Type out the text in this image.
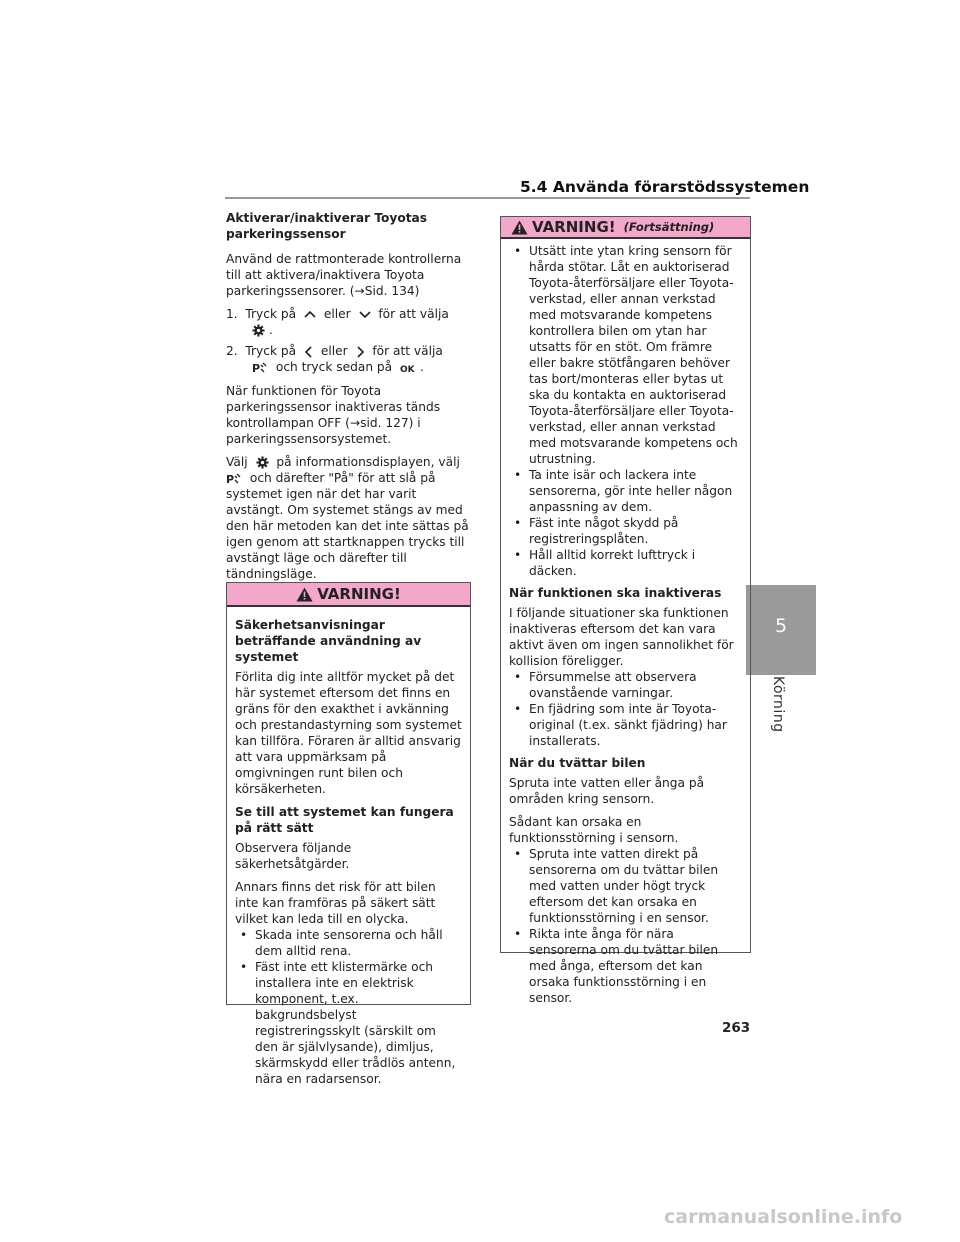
5.4 Använda förarstödssystemen
5
Körning
Aktiverar/inaktiverar Toyotas parkeringssensor

Använd de rattmonterade kontrollerna till att aktivera/inaktivera Toyota parkeringssensorer. (→Sid. 134)

1. Tryck på eller för att välja
.
2. Tryck på eller för att välja
P och tryck sedan på OK .

När funktionen för Toyota parkeringssensor inaktiveras tänds kontrollampan OFF (→sid. 127) i parkeringssensorsystemet.

Välj på informationsdisplayen, välj
P och därefter "På" för att slå på systemet igen när det har varit avstängt. Om systemet stängs av med den här metoden kan det inte sättas på igen genom att startknappen trycks till avstängt läge och därefter till tändningsläge.

VARNING!
Säkerhetsanvisningar beträffande användning av systemet

Förlita dig inte alltför mycket på det här systemet eftersom det finns en gräns för den exakthet i avkänning och prestandastyrning som systemet kan tillföra. Föraren är alltid ansvarig att vara uppmärksam på omgivningen runt bilen och körsäkerheten.

Se till att systemet kan fungera på rätt sätt

Observera följande säkerhetsåtgärder.

Annars finns det risk för att bilen inte kan framföras på säkert sätt vilket kan leda till en olycka.

• Skada inte sensorerna och håll dem alltid rena.
• Fäst inte ett klistermärke och installera inte en elektrisk komponent, t.ex. bakgrundsbelyst registreringsskylt (särskilt om den är självlysande), dimljus, skärmskydd eller trådlös antenn, nära en radarsensor.
VARNING! (Fortsättning)
• Utsätt inte ytan kring sensorn för hårda stötar. Låt en auktoriserad Toyota-återförsäljare eller Toyota-verkstad, eller annan verkstad med motsvarande kompetens kontrollera bilen om ytan har utsatts för en stöt. Om främre eller bakre stötfångaren behöver tas bort/monteras eller bytas ut ska du kontakta en auktoriserad Toyota-återförsäljare eller Toyota-verkstad, eller annan verkstad med motsvarande kompetens och utrustning.
• Ta inte isär och lackera inte sensorerna, gör inte heller någon anpassning av dem.
• Fäst inte något skydd på registreringsplåten.
• Håll alltid korrekt lufttryck i däcken.
När funktionen ska inaktiveras

I följande situationer ska funktionen inaktiveras eftersom det kan vara aktivt även om ingen sannolikhet för kollision föreligger.

• Försummelse att observera ovanstående varningar.
• En fjädring som inte är Toyota-original (t.ex. sänkt fjädring) har installerats.
När du tvättar bilen

Spruta inte vatten eller ånga på områden kring sensorn.

Sådant kan orsaka en funktionsstörning i sensorn.

• Spruta inte vatten direkt på sensorerna om du tvättar bilen med vatten under högt tryck eftersom det kan orsaka en funktionsstörning i en sensor.
• Rikta inte ånga för nära sensorerna om du tvättar bilen med ånga, eftersom det kan orsaka funktionsstörning i en sensor.
263
carmanualsonline.info
